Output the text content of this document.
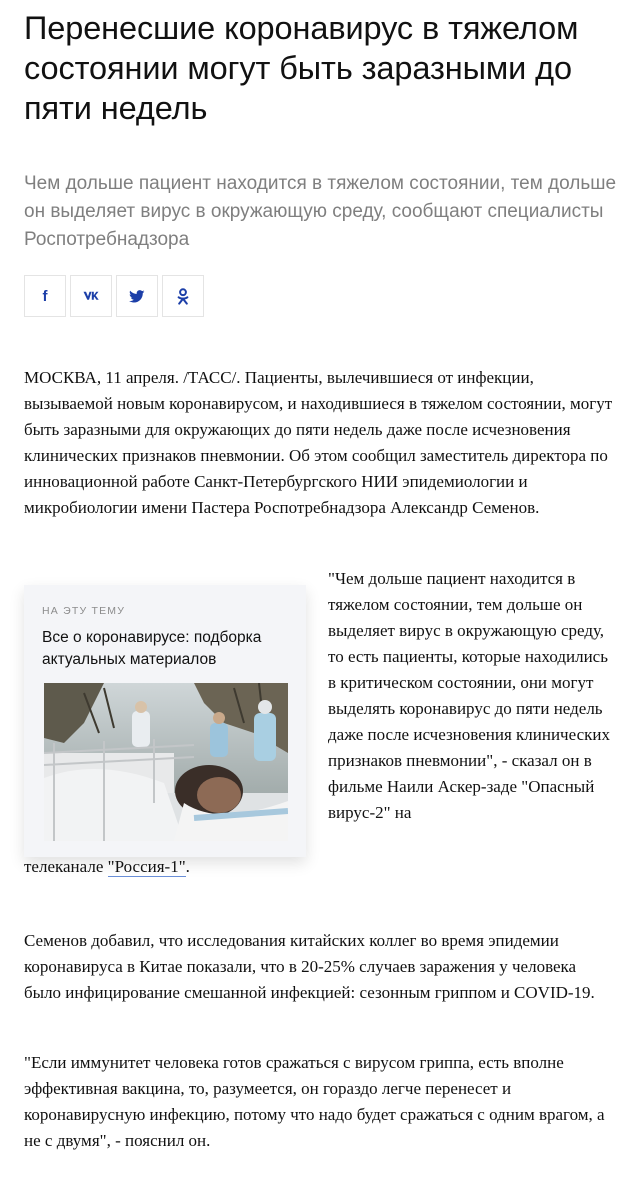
Перенесшие коронавирус в тяжелом состоянии могут быть заразными до пяти недель

Чем дольше пациент находится в тяжелом состоянии, тем дольше он выделяет вирус в окружающую среду, сообщают специалисты Роспотребнадзора

f

МОСКВА, 11 апреля. /ТАСС/. Пациенты, вылечившиеся от инфекции, вызываемой новым коронавирусом, и находившиеся в тяжелом состоянии, могут быть заразными для окружающих до пяти недель даже после исчезновения клинических признаков пневмонии. Об этом сообщил заместитель директора по инновационной работе Санкт-Петербургского НИИ эпидемиологии и микробиологии имени Пастера Роспотребнадзора Александр Семенов.

НА ЭТУ ТЕМУ
Все о коронавирусе: подборка актуальных материалов
"Чем дольше пациент находится в тяжелом состоянии, тем дольше он выделяет вирус в окружающую среду, то есть пациенты, которые находились в критическом состоянии, они могут выделять коронавирус до пяти недель даже после исчезновения клинических признаков пневмонии", - сказал он в фильме Наили Аскер-заде "Опасный вирус-2" на
телеканале "Россия-1".

Семенов добавил, что исследования китайских коллег во время эпидемии коронавируса в Китае показали, что в 20-25% случаев заражения у человека было инфицирование смешанной инфекцией: сезонным гриппом и COVID-19.

"Если иммунитет человека готов сражаться с вирусом гриппа, есть вполне эффективная вакцина, то, разумеется, он гораздо легче перенесет и коронавирусную инфекцию, потому что надо будет сражаться с одним врагом, а не с двумя", - пояснил он.
